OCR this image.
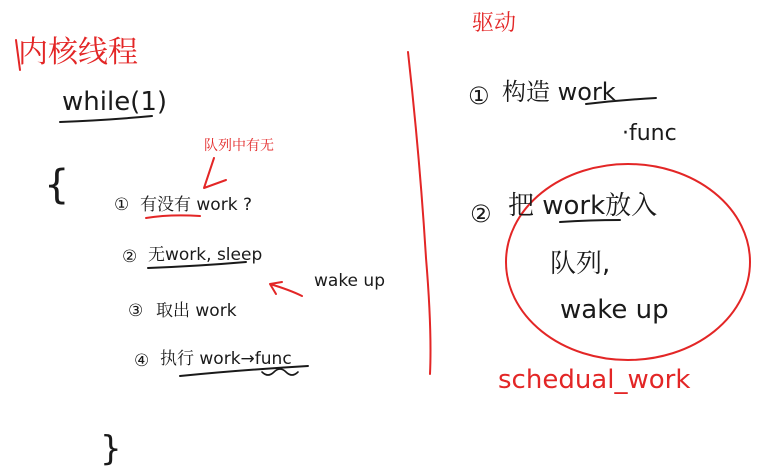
内核线程
while(1)
{
队列中有无
① 有没有 work ?
② 无work, sleep
wake up
③ 取出 work
④ 执行 work→func
}
驱动
① 构造 work
·func
② 把 work放入
队列,
wake up
schedual_work
